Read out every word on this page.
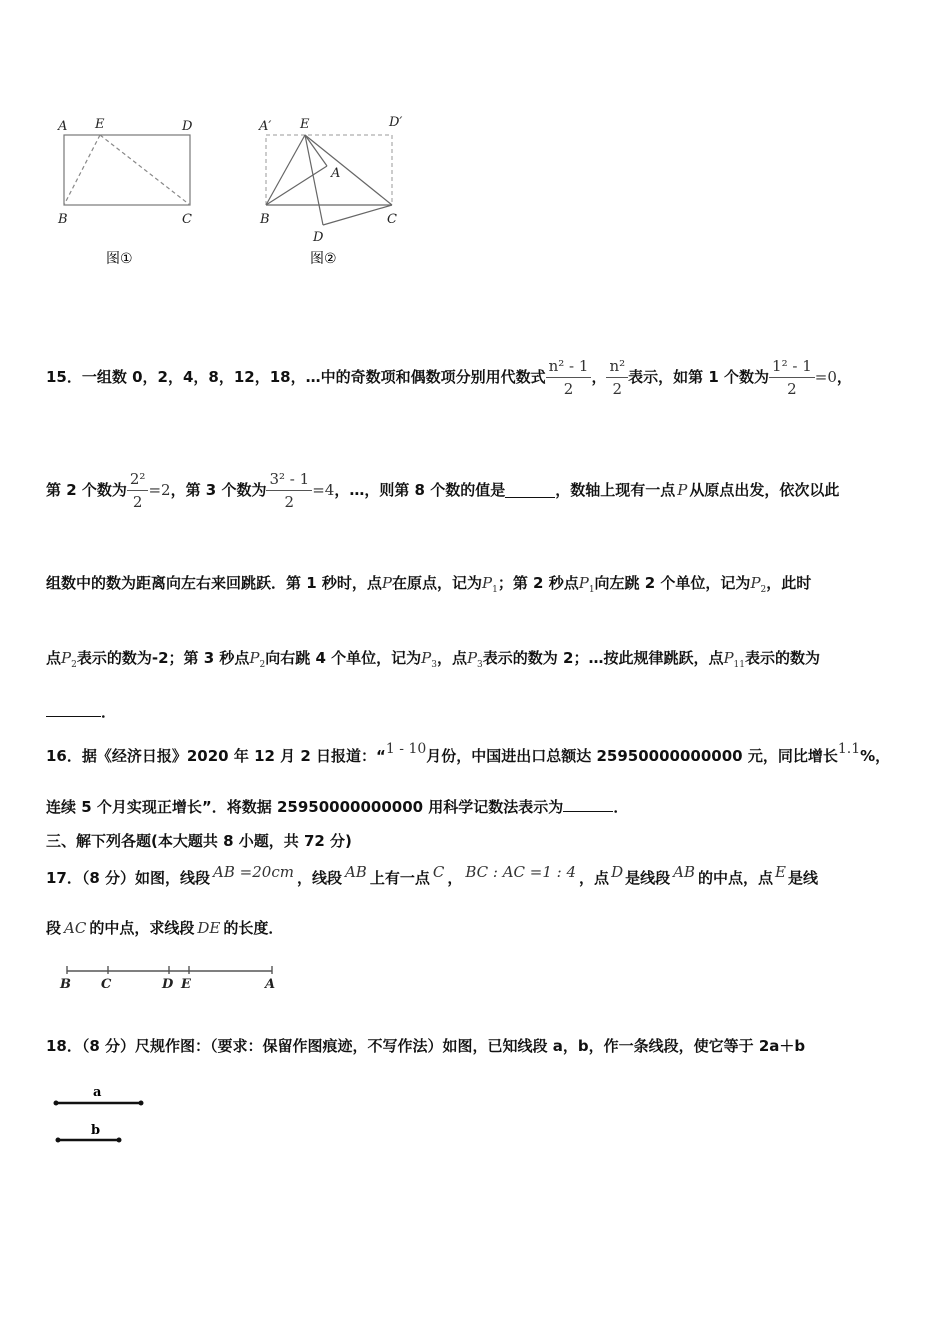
A E	D
B	C
图①
A′ E	D′
A
B	C
D
图②
15．一组数 0，2，4，8，12，18，…中的奇数项和偶数项分别用代数式 $\frac{\text{n² - 1}}{2}$ ， $\frac{\text{n²}}{2}$ 表示，如第 1 个数为 $\frac{\text{1² - 1}}{2} =0$ ，
第 2 个数为 $\frac{\text{2²}}{2} =2$ ，第 3 个数为 $\frac{\text{3² - 1}}{2} =4$ ，…，则第 8 个数的值是	，数轴上现有一点 P 从原点出发，依次以此
组数中的数为距离向左右来回跳跃．第 1 秒时，点P在原点，记为$P_1$；第 2 秒点$P_1$向左跳 2 个单位，记为$P_2$，此时
点$P_2$表示的数为-2；第 3 秒点$P_2$向右跳 4 个单位，记为$P_3$，点$P_3$表示的数为 2；…按此规律跳跃，点$P_{11}$表示的数为
．
16．据《经济日报》2020 年 12 月 2 日报道：“1 - 10月份，中国进出口总额达 25950000000000 元，同比增长1.1%，
连续 5 个月实现正增长”．将数据 25950000000000 用科学记数法表示为	．
三、解下列各题(本大题共 8 小题，共 72 分)
17．（8 分）如图，线段 AB =20cm ，线段 AB 上有一点 C ， BC : AC =1 : 4 ，点 D 是线段 AB 的中点，点 E 是线
段 AC 的中点，求线段 DE 的长度．
B C	D E	A
18．（8 分）尺规作图：（要求：保留作图痕迹，不写作法）如图，已知线段 a，b，作一条线段，使它等于 2a＋b
a
b
